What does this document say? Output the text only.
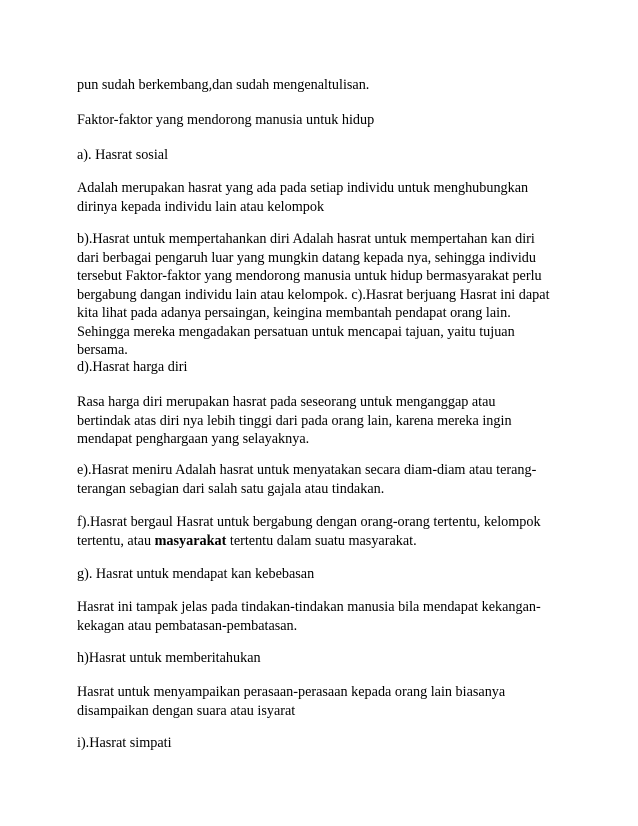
pun sudah berkembang,dan sudah mengenaltulisan.

Faktor-faktor yang mendorong manusia untuk hidup

a). Hasrat sosial

Adalah merupakan hasrat yang ada pada setiap individu untuk menghubungkan
dirinya kepada individu lain atau kelompok

b).Hasrat untuk mempertahankan diri Adalah hasrat untuk mempertahan kan diri
dari berbagai pengaruh luar yang mungkin datang kepada nya, sehingga individu
tersebut Faktor-faktor yang mendorong manusia untuk hidup bermasyarakat perlu
bergabung dangan individu lain atau kelompok. c).Hasrat berjuang Hasrat ini dapat
kita lihat pada adanya persaingan, keingina membantah pendapat orang lain.
Sehingga mereka mengadakan persatuan untuk mencapai tajuan, yaitu tujuan
bersama.

d).Hasrat harga diri

Rasa harga diri merupakan hasrat pada seseorang untuk menganggap atau
bertindak atas diri nya lebih tinggi dari pada orang lain, karena mereka ingin
mendapat penghargaan yang selayaknya.

e).Hasrat meniru Adalah hasrat untuk menyatakan secara diam-diam atau terang-
terangan sebagian dari salah satu gajala atau tindakan.

f).Hasrat bergaul Hasrat untuk bergabung dengan orang-orang tertentu, kelompok
tertentu, atau masyarakat tertentu dalam suatu masyarakat.

g). Hasrat untuk mendapat kan kebebasan

Hasrat ini tampak jelas pada tindakan-tindakan manusia bila mendapat kekangan-
kekagan atau pembatasan-pembatasan.

h)Hasrat untuk memberitahukan

Hasrat untuk menyampaikan perasaan-perasaan kepada orang lain biasanya
disampaikan dengan suara atau isyarat

i).Hasrat simpati
